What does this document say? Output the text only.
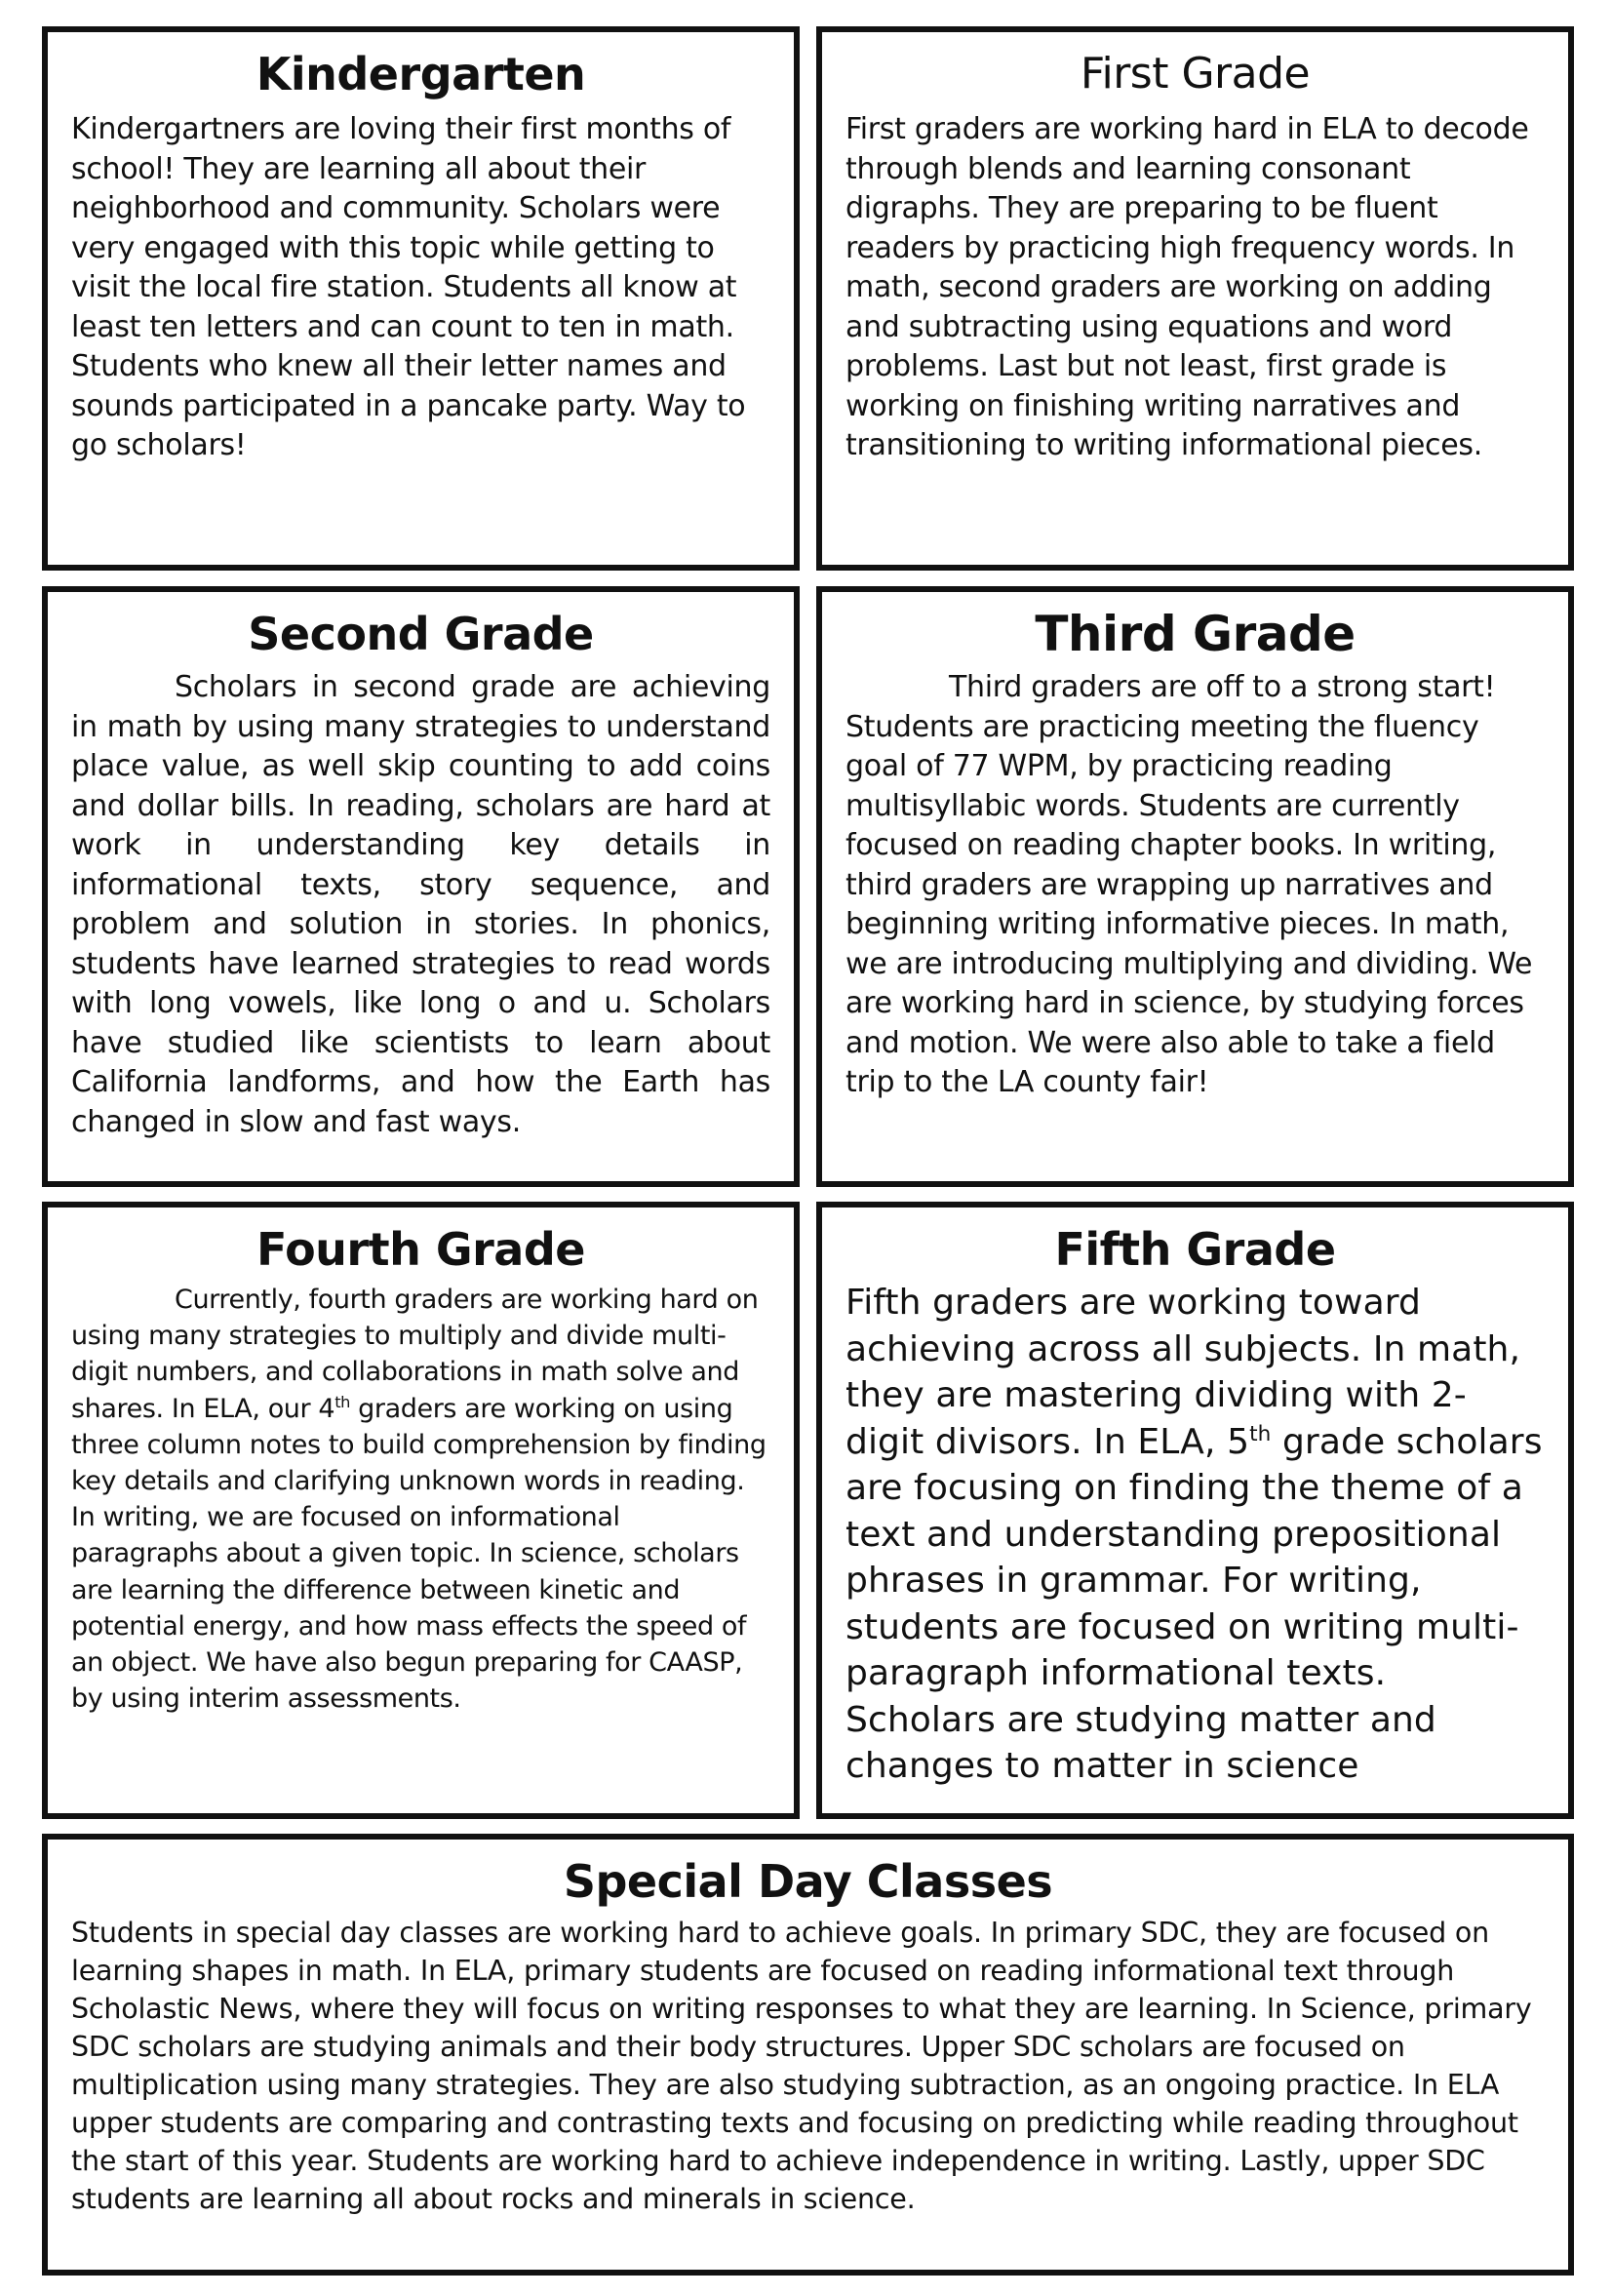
Kindergarten

Kindergartners are loving their first months of school! They are learning all about their neighborhood and community. Scholars were very engaged with this topic while getting to visit the local fire station. Students all know at least ten letters and can count to ten in math. Students who knew all their letter names and sounds participated in a pancake party. Way to go scholars!

First Grade

First graders are working hard in ELA to decode through blends and learning consonant digraphs. They are preparing to be fluent readers by practicing high frequency words. In math, second graders are working on adding and subtracting using equations and word problems. Last but not least, first grade is working on finishing writing narratives and transitioning to writing informational pieces.

Second Grade

Scholars in second grade are achieving in math by using many strategies to understand place value, as well skip counting to add coins and dollar bills. In reading, scholars are hard at work in understanding key details in informational texts, story sequence, and problem and solution in stories. In phonics, students have learned strategies to read words with long vowels, like long o and u. Scholars have studied like scientists to learn about California landforms, and how the Earth has changed in slow and fast ways.

Third Grade

Third graders are off to a strong start! Students are practicing meeting the fluency goal of 77 WPM, by practicing reading multisyllabic words. Students are currently focused on reading chapter books. In writing, third graders are wrapping up narratives and beginning writing informative pieces. In math, we are introducing multiplying and dividing. We are working hard in science, by studying forces and motion. We were also able to take a field trip to the LA county fair!

Fourth Grade

Currently, fourth graders are working hard on using many strategies to multiply and divide multi-digit numbers, and collaborations in math solve and shares. In ELA, our 4th graders are working on using three column notes to build comprehension by finding key details and clarifying unknown words in reading. In writing, we are focused on informational paragraphs about a given topic. In science, scholars are learning the difference between kinetic and potential energy, and how mass effects the speed of an object. We have also begun preparing for CAASP, by using interim assessments.

Fifth Grade

Fifth graders are working toward achieving across all subjects. In math, they are mastering dividing with 2-digit divisors. In ELA, 5th grade scholars are focusing on finding the theme of a text and understanding prepositional phrases in grammar. For writing, students are focused on writing multi-paragraph informational texts. Scholars are studying matter and changes to matter in science

Special Day Classes

Students in special day classes are working hard to achieve goals. In primary SDC, they are focused on learning shapes in math. In ELA, primary students are focused on reading informational text through Scholastic News, where they will focus on writing responses to what they are learning. In Science, primary SDC scholars are studying animals and their body structures. Upper SDC scholars are focused on multiplication using many strategies. They are also studying subtraction, as an ongoing practice. In ELA upper students are comparing and contrasting texts and focusing on predicting while reading throughout the start of this year. Students are working hard to achieve independence in writing. Lastly, upper SDC students are learning all about rocks and minerals in science.
